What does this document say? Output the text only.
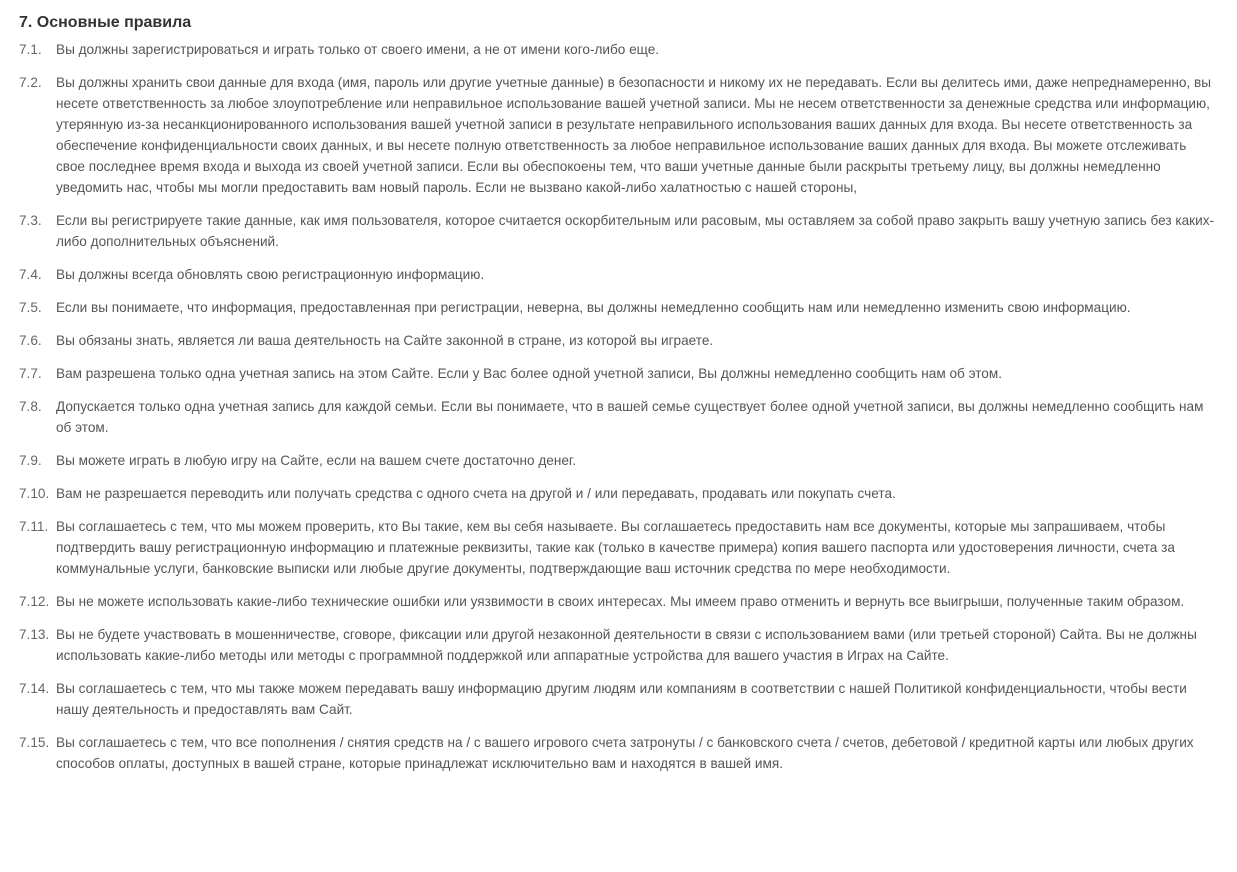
7. Основные правила
7.1.	Вы должны зарегистрироваться и играть только от своего имени, а не от имени кого-либо еще.
7.2.	Вы должны хранить свои данные для входа (имя, пароль или другие учетные данные) в безопасности и никому их не передавать. Если вы делитесь ими, даже непреднамеренно, вы несете ответственность за любое злоупотребление или неправильное использование вашей учетной записи. Мы не несем ответственности за денежные средства или информацию, утерянную из-за несанкционированного использования вашей учетной записи в результате неправильного использования ваших данных для входа. Вы несете ответственность за обеспечение конфиденциальности своих данных, и вы несете полную ответственность за любое неправильное использование ваших данных для входа. Вы можете отслеживать свое последнее время входа и выхода из своей учетной записи. Если вы обеспокоены тем, что ваши учетные данные были раскрыты третьему лицу, вы должны немедленно уведомить нас, чтобы мы могли предоставить вам новый пароль. Если не вызвано какой-либо халатностью с нашей стороны,
7.3.	Если вы регистрируете такие данные, как имя пользователя, которое считается оскорбительным или расовым, мы оставляем за собой право закрыть вашу учетную запись без каких-либо дополнительных объяснений.
7.4.	Вы должны всегда обновлять свою регистрационную информацию.
7.5.	Если вы понимаете, что информация, предоставленная при регистрации, неверна, вы должны немедленно сообщить нам или немедленно изменить свою информацию.
7.6.	Вы обязаны знать, является ли ваша деятельность на Сайте законной в стране, из которой вы играете.
7.7.	Вам разрешена только одна учетная запись на этом Сайте. Если у Вас более одной учетной записи, Вы должны немедленно сообщить нам об этом.
7.8.	Допускается только одна учетная запись для каждой семьи. Если вы понимаете, что в вашей семье существует более одной учетной записи, вы должны немедленно сообщить нам об этом.
7.9.	Вы можете играть в любую игру на Сайте, если на вашем счете достаточно денег.
7.10. Вам не разрешается переводить или получать средства с одного счета на другой и / или передавать, продавать или покупать счета.
7.11. Вы соглашаетесь с тем, что мы можем проверить, кто Вы такие, кем вы себя называете. Вы соглашаетесь предоставить нам все документы, которые мы запрашиваем, чтобы подтвердить вашу регистрационную информацию и платежные реквизиты, такие как (только в качестве примера) копия вашего паспорта или удостоверения личности, счета за коммунальные услуги, банковские выписки или любые другие документы, подтверждающие ваш источник средства по мере необходимости.
7.12. Вы не можете использовать какие-либо технические ошибки или уязвимости в своих интересах. Мы имеем право отменить и вернуть все выигрыши, полученные таким образом.
7.13. Вы не будете участвовать в мошенничестве, сговоре, фиксации или другой незаконной деятельности в связи с использованием вами (или третьей стороной) Сайта. Вы не должны использовать какие-либо методы или методы с программной поддержкой или аппаратные устройства для вашего участия в Играх на Сайте.
7.14. Вы соглашаетесь с тем, что мы также можем передавать вашу информацию другим людям или компаниям в соответствии с нашей Политикой конфиденциальности, чтобы вести нашу деятельность и предоставлять вам Сайт.
7.15. Вы соглашаетесь с тем, что все пополнения / снятия средств на / с вашего игрового счета затронуты / с банковского счета / счетов, дебетовой / кредитной карты или любых других способов оплаты, доступных в вашей стране, которые принадлежат исключительно вам и находятся в вашей имя.
